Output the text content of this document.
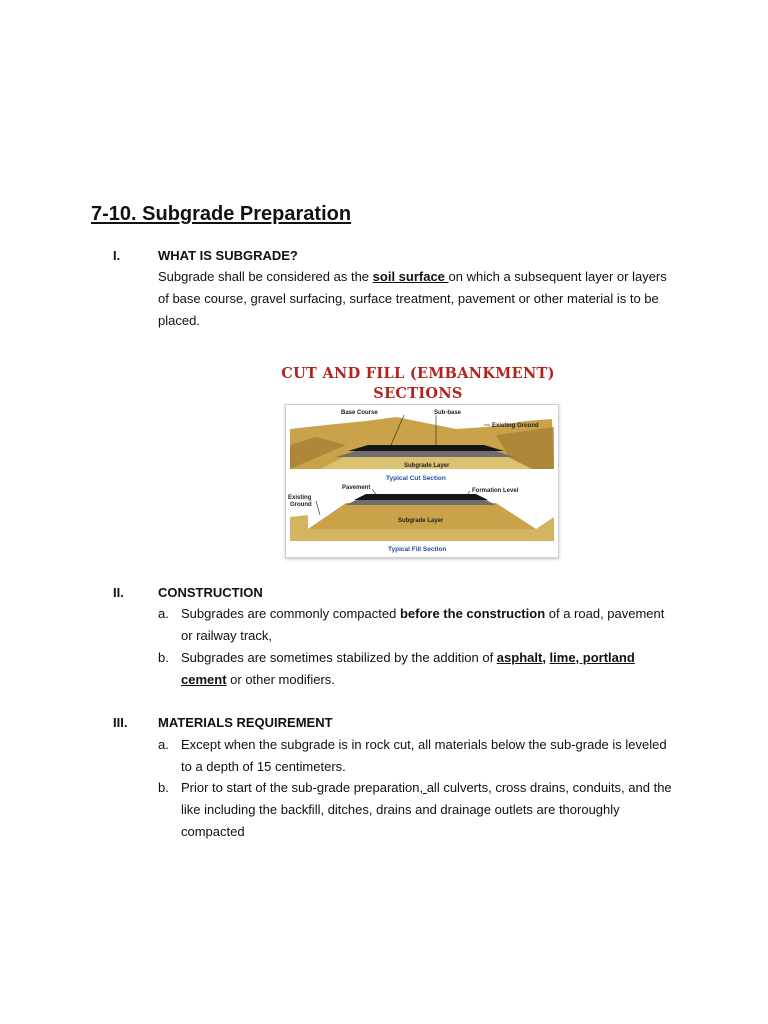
7-10. Subgrade Preparation
I.	WHAT IS SUBGRADE?
Subgrade shall be considered as the soil surface on which a subsequent layer or layers of base course, gravel surfacing, surface treatment, pavement or other material is to be placed.
CUT AND FILL (EMBANKMENT)
SECTIONS
Base Course	Sub-base
Existing Ground
Subgrade Layer
Typical Cut Section
Pavement	Formation Level
Existing
Ground
Subgrade Layer
Typical Fill Section
II.	CONSTRUCTION
a. Subgrades are commonly compacted before the construction of a road, pavement or railway track,
b. Subgrades are sometimes stabilized by the addition of asphalt, lime, portland cement or other modifiers.
III. MATERIALS REQUIREMENT
a. Except when the subgrade is in rock cut, all materials below the sub-grade is leveled to a depth of 15 centimeters.
b. Prior to start of the sub-grade preparation, all culverts, cross drains, conduits, and the like including the backfill, ditches, drains and drainage outlets are thoroughly compacted
